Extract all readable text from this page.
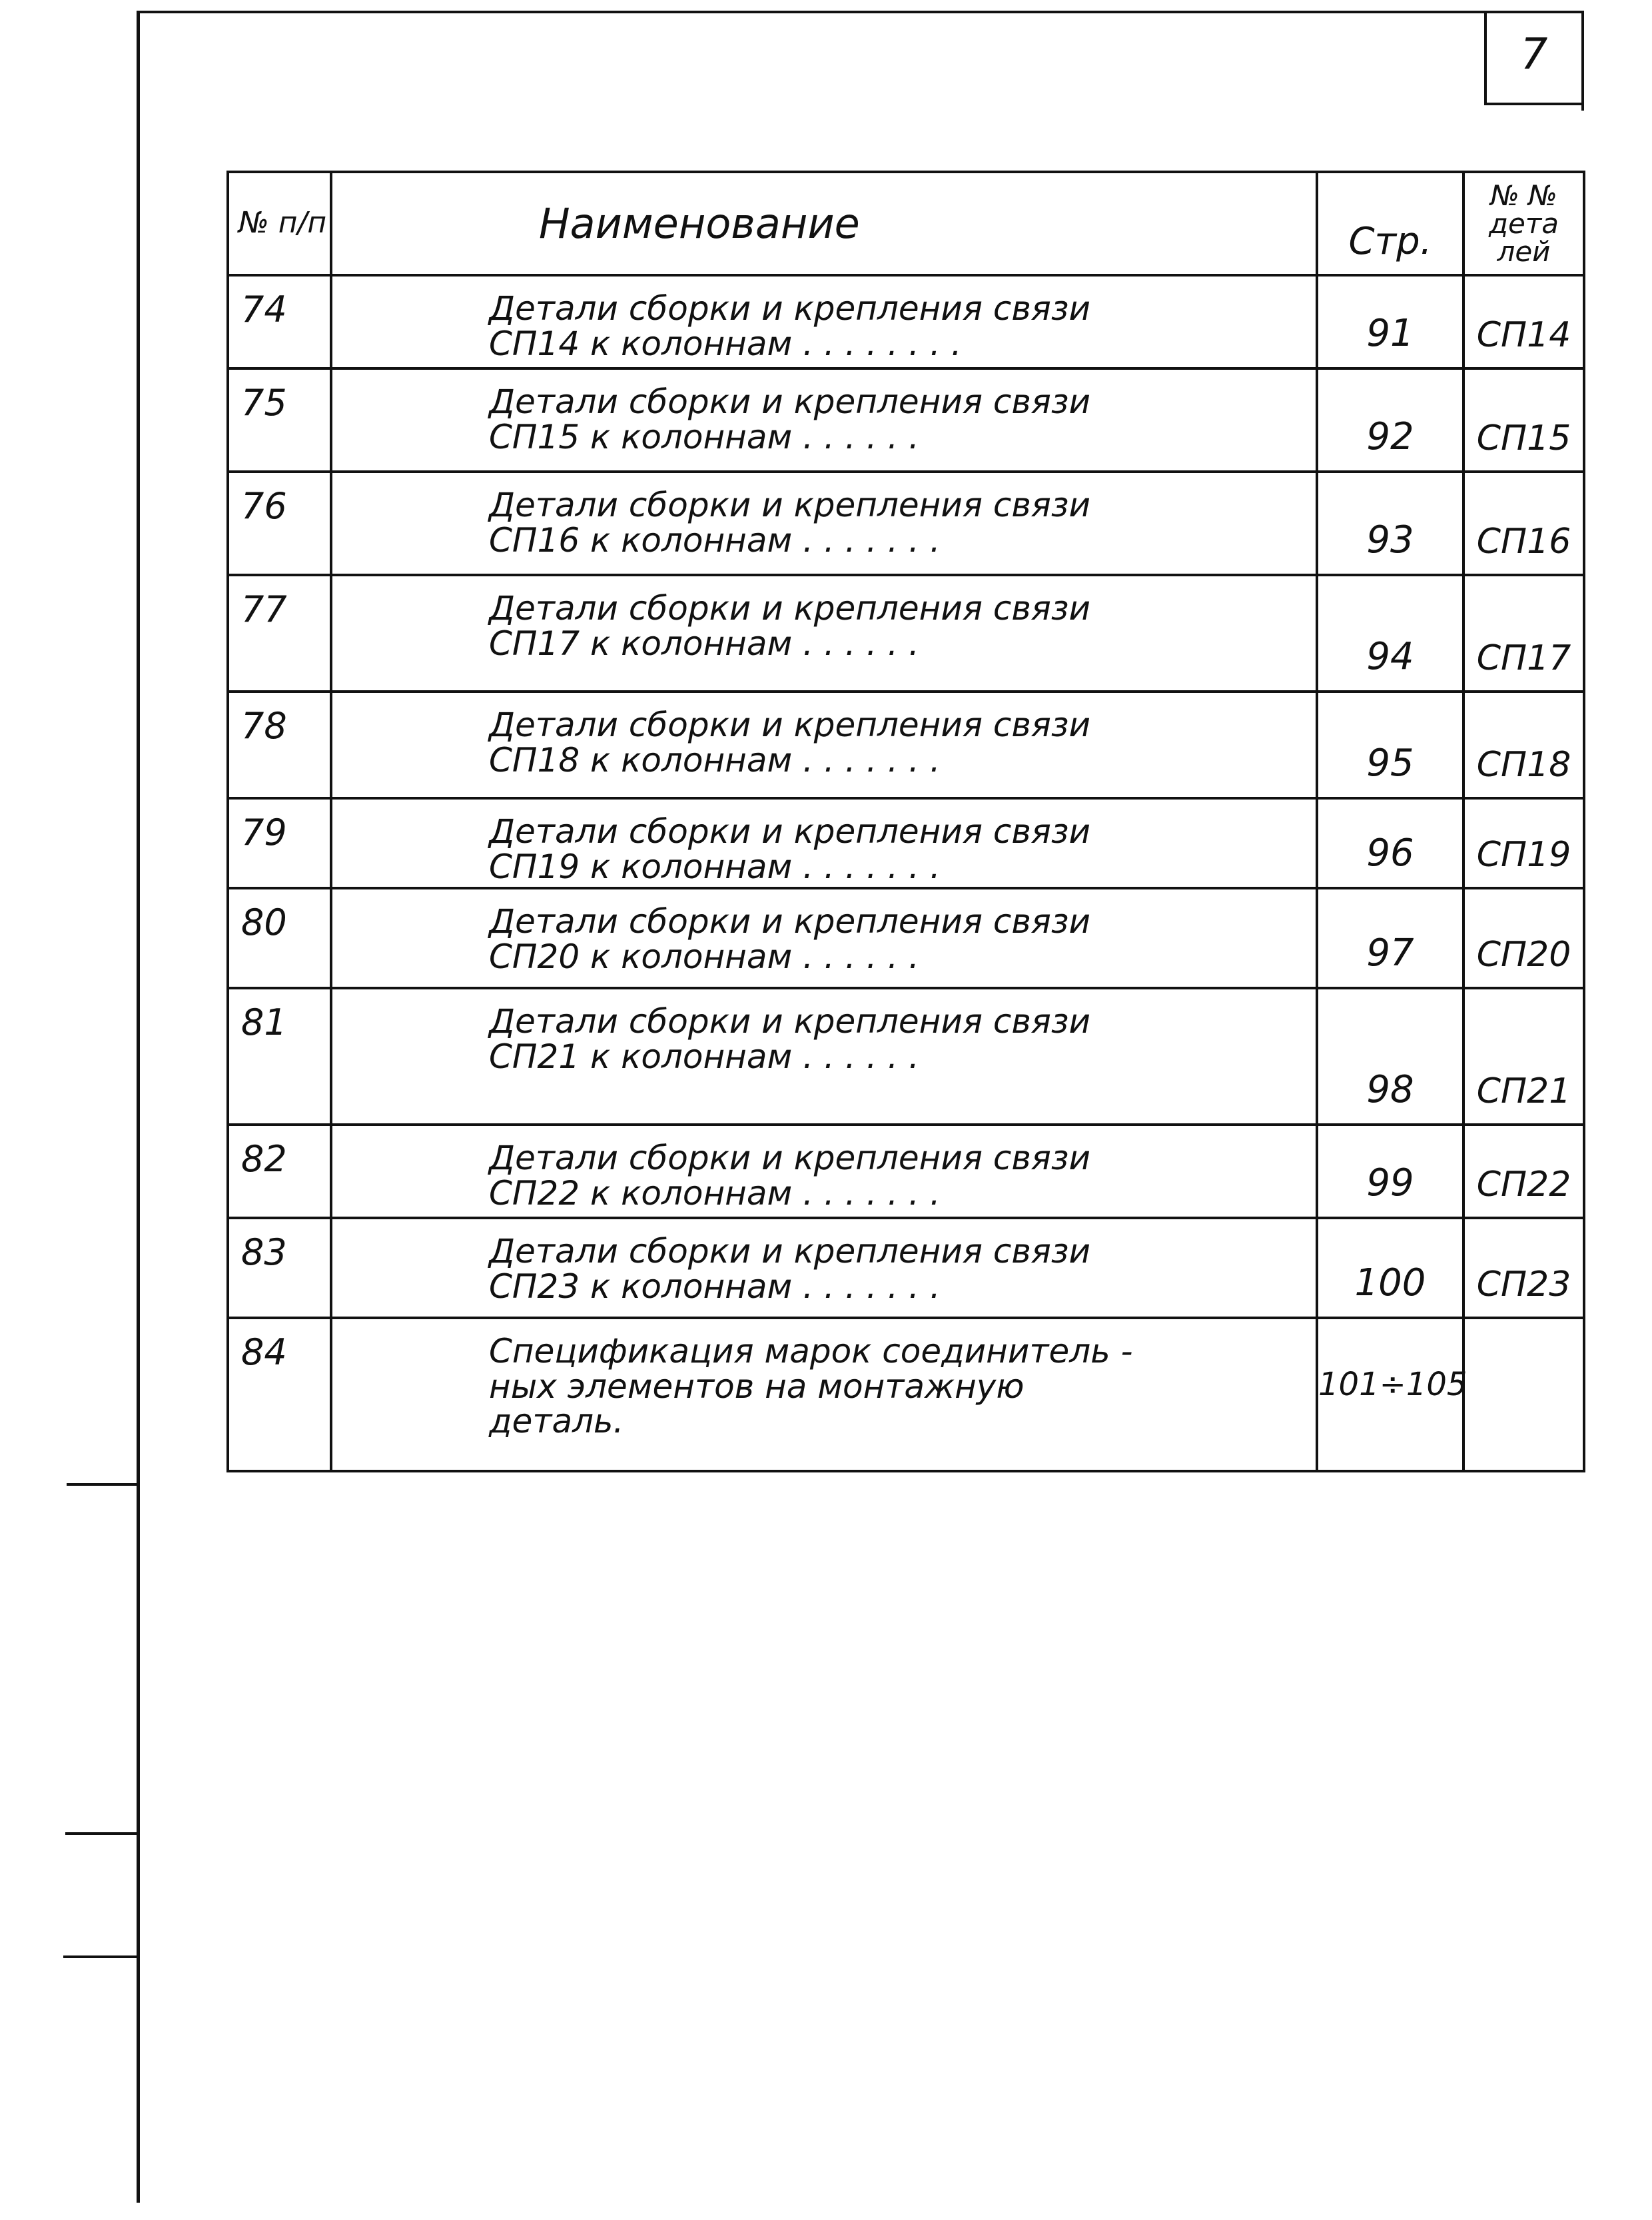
7
№ п/п	Наименование	Стр.	№ № дета лей
74	Детали сборки и крепления связи
СП14 к колоннам . . . . . . . .	91	СП14
75	Детали сборки и крепления связи
СП15 к колоннам . . . . . .	92	СП15
76	Детали сборки и крепления связи
СП16 к колоннам . . . . . . .	93	СП16
77	Детали сборки и крепления связи
СП17 к колоннам . . . . . .	94	СП17
78	Детали сборки и крепления связи
СП18 к колоннам . . . . . . .	95	СП18
79	Детали сборки и крепления связи
СП19 к колоннам . . . . . . .	96	СП19
80	Детали сборки и крепления связи
СП20 к колоннам . . . . . .	97	СП20
81	Детали сборки и крепления связи
СП21 к колоннам . . . . . .	98	СП21
82	Детали сборки и крепления связи
СП22 к колоннам . . . . . . .	99	СП22
83	Детали сборки и крепления связи
СП23 к колоннам . . . . . . .	100	СП23
84	Спецификация марок соединитель -
ных элементов на монтажную
деталь.	101÷105	
